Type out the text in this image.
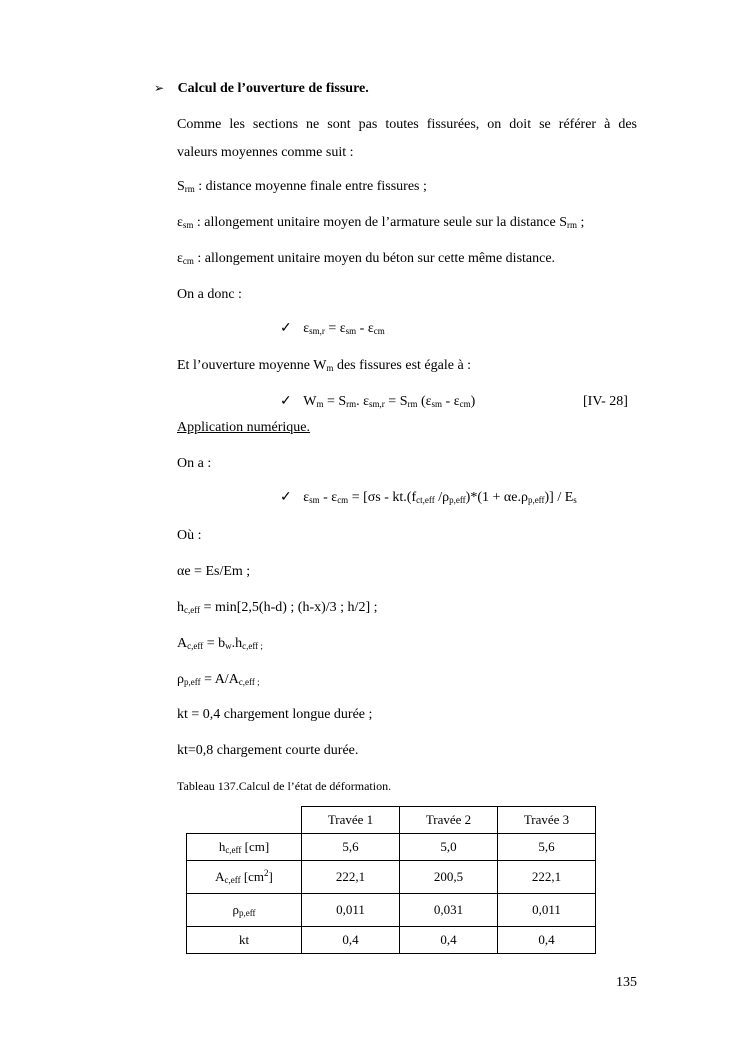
➢ Calcul de l’ouverture de fissure.
Comme les sections ne sont pas toutes fissurées, on doit se référer à des
valeurs moyennes comme suit :
$S_{rm}$ : distance moyenne finale entre fissures ;
$\varepsilon_{sm}$ : allongement unitaire moyen de l’armature seule sur la distance $S_{rm}$ ;
$\varepsilon_{cm}$ : allongement unitaire moyen du béton sur cette même distance.
On a donc :
✓ $\varepsilon_{sm,r} = \varepsilon_{sm} - \varepsilon_{cm}$
Et l’ouverture moyenne $W_m$ des fissures est égale à :
✓ $W_m = S_{rm}$. $\varepsilon_{sm,r} = S_{rm}$ $(\varepsilon_{sm} - \varepsilon_{cm})$	[IV- 28]
Application numérique.
On a :
✓ $\varepsilon_{sm} - \varepsilon_{cm} = [\sigma s - kt.(f_{ct,eff}$ $/\rho_{p,eff})*(1 + \alpha e.\rho_{p,eff})] / E_s$
Où :
αe = Es/Em ;
$h_{c,eff} = \min[2,5(h-d)$ ; (h-x)/3 ; h/2] ;
$A_{c,eff} = b_w.h_{c,eff ;}$
$\rho_{p,eff} = A/A_{c,eff ;}$
kt = 0,4 chargement longue durée ;
kt=0,8 chargement courte durée.
Tableau 137.Calcul de l’état de déformation.
	Travée 1	Travée 2	Travée 3
$h_{c,eff}$ [cm]	5,6	5,0	5,6
$A_{c,eff}$ $[cm^2]$	222,1	200,5	222,1
$\rho_{p,eff}$	0,011	0,031	0,011
kt	0,4	0,4	0,4
135
